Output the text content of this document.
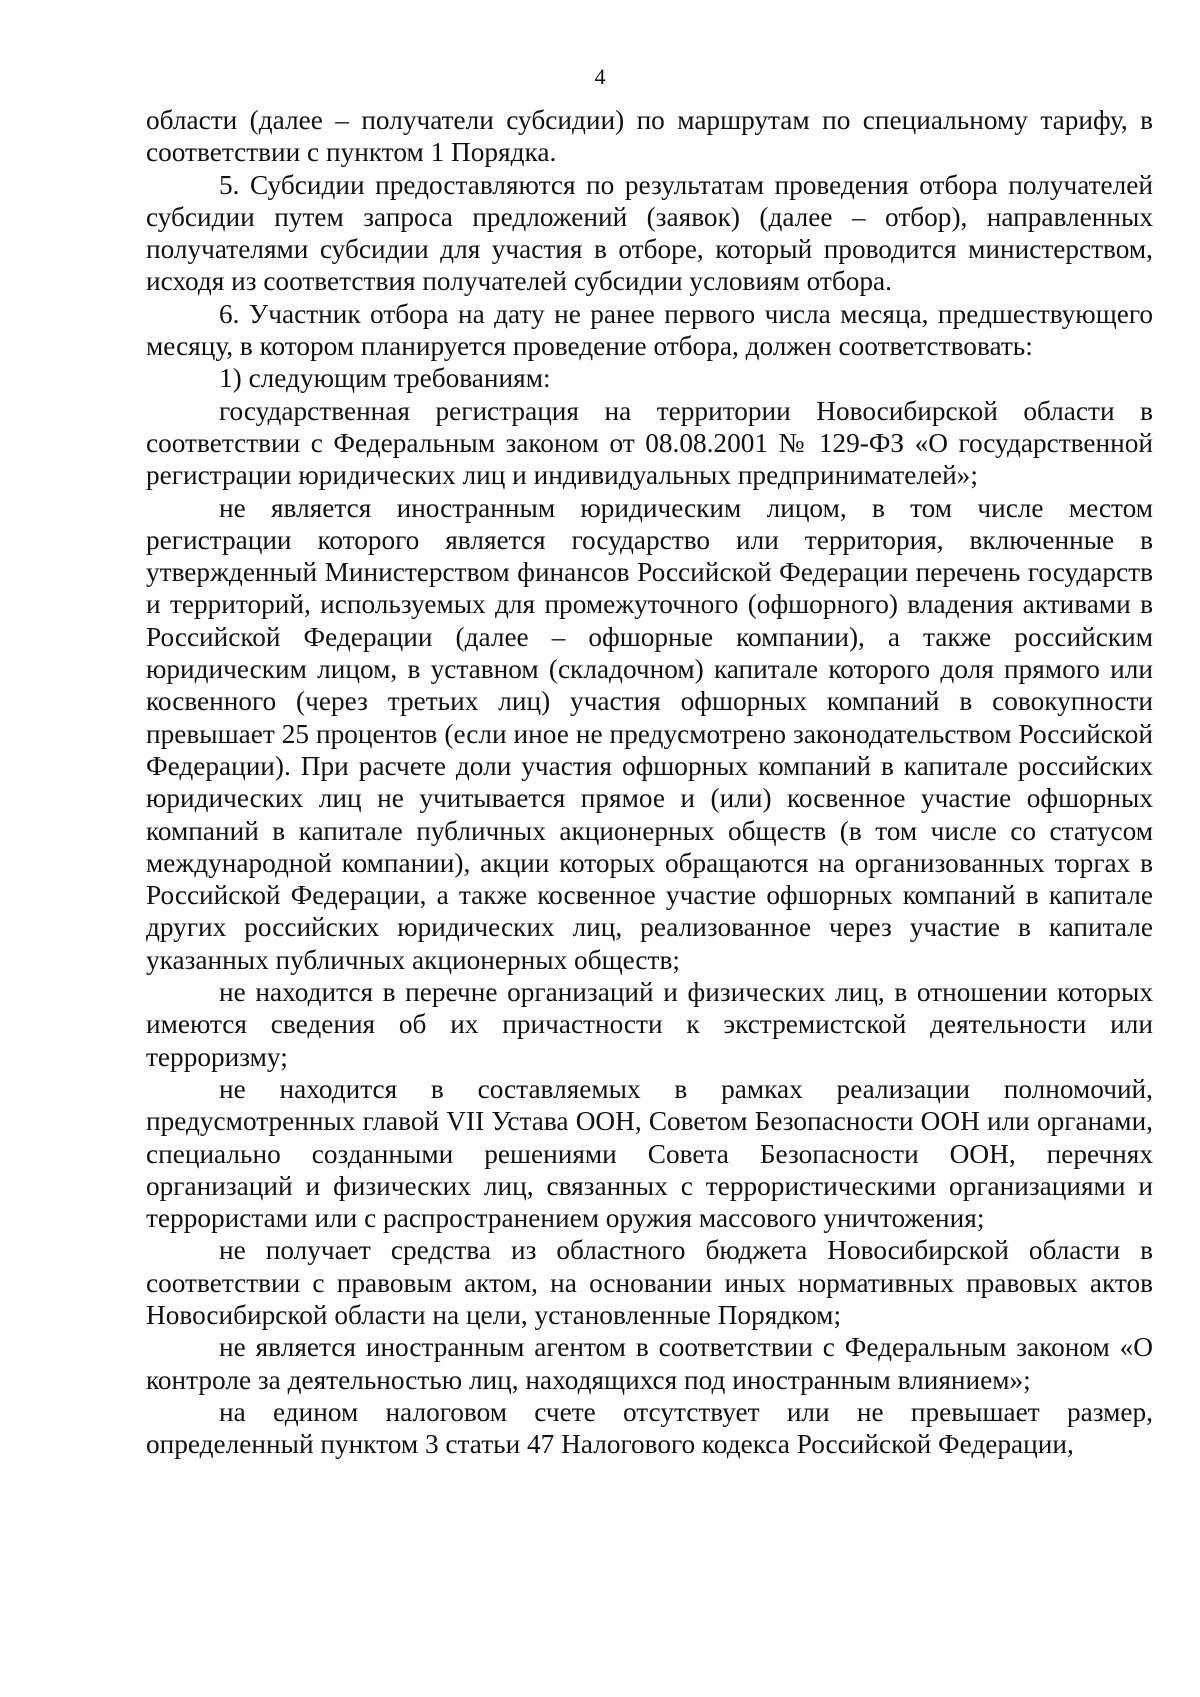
4

области (далее – получатели субсидии) по маршрутам по специальному тарифу, в соответствии с пунктом 1 Порядка.

5. Субсидии предоставляются по результатам проведения отбора получателей субсидии путем запроса предложений (заявок) (далее – отбор), направленных получателями субсидии для участия в отборе, который проводится министерством, исходя из соответствия получателей субсидии условиям отбора.

6. Участник отбора на дату не ранее первого числа месяца, предшествующего месяцу, в котором планируется проведение отбора, должен соответствовать:

1) следующим требованиям:

государственная регистрация на территории Новосибирской области в соответствии с Федеральным законом от 08.08.2001 № 129-ФЗ «О государственной регистрации юридических лиц и индивидуальных предпринимателей»;

не является иностранным юридическим лицом, в том числе местом регистрации которого является государство или территория, включенные в утвержденный Министерством финансов Российской Федерации перечень государств и территорий, используемых для промежуточного (офшорного) владения активами в Российской Федерации (далее – офшорные компании), а также российским юридическим лицом, в уставном (складочном) капитале которого доля прямого или косвенного (через третьих лиц) участия офшорных компаний в совокупности превышает 25 процентов (если иное не предусмотрено законодательством Российской Федерации). При расчете доли участия офшорных компаний в капитале российских юридических лиц не учитывается прямое и (или) косвенное участие офшорных компаний в капитале публичных акционерных обществ (в том числе со статусом международной компании), акции которых обращаются на организованных торгах в Российской Федерации, а также косвенное участие офшорных компаний в капитале других российских юридических лиц, реализованное через участие в капитале указанных публичных акционерных обществ;

не находится в перечне организаций и физических лиц, в отношении которых имеются сведения об их причастности к экстремистской деятельности или терроризму;

не находится в составляемых в рамках реализации полномочий, предусмотренных главой VII Устава ООН, Советом Безопасности ООН или органами, специально созданными решениями Совета Безопасности ООН, перечнях организаций и физических лиц, связанных с террористическими организациями и террористами или с распространением оружия массового уничтожения;

не получает средства из областного бюджета Новосибирской области в соответствии с правовым актом, на основании иных нормативных правовых актов Новосибирской области на цели, установленные Порядком;

не является иностранным агентом в соответствии с Федеральным законом «О контроле за деятельностью лиц, находящихся под иностранным влиянием»;

на едином налоговом счете отсутствует или не превышает размер, определенный пунктом 3 статьи 47 Налогового кодекса Российской Федерации,
